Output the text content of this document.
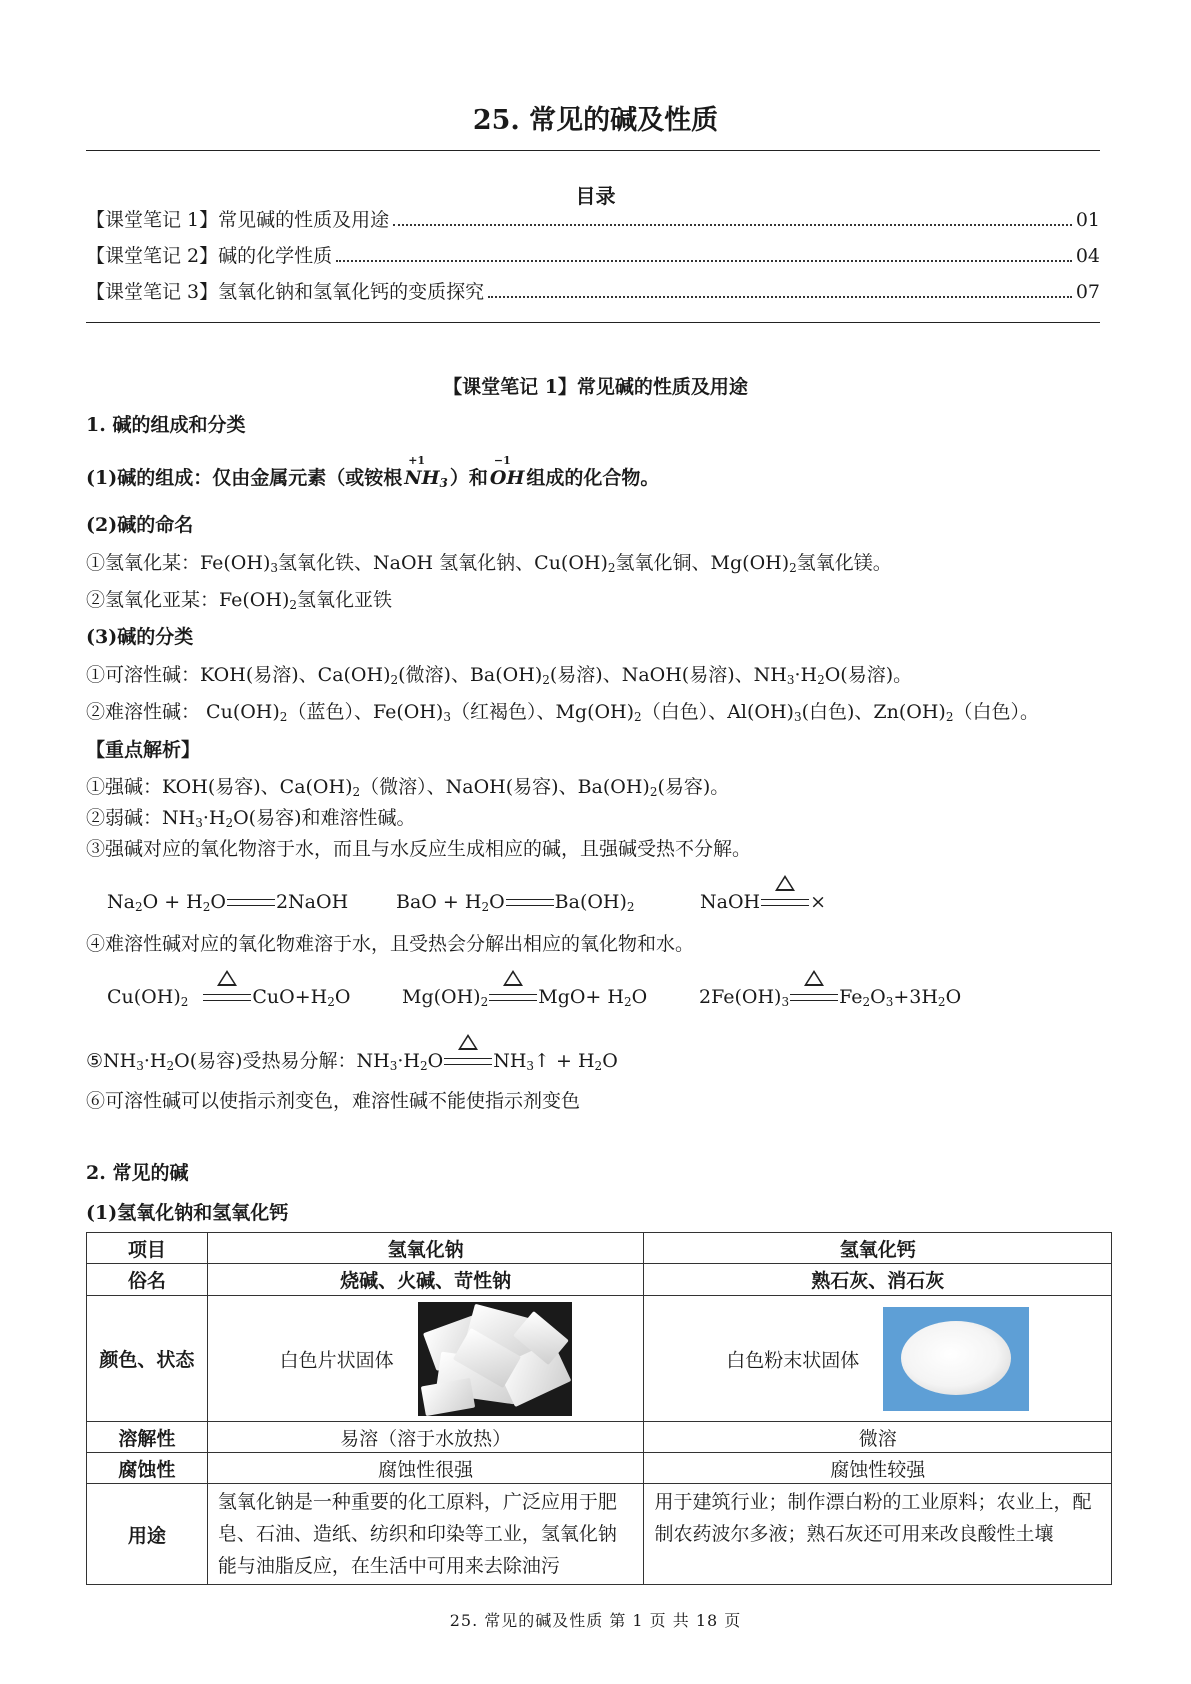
25. 常见的碱及性质
目录
【课堂笔记 1】常见碱的性质及用途	01
【课堂笔记 2】碱的化学性质	04
【课堂笔记 3】氢氧化钠和氢氧化钙的变质探究	07
【课堂笔记 1】常见碱的性质及用途
1. 碱的组成和分类
(1)碱的组成：仅由金属元素（或铵根
+1
$NH_3$ ）和
−1
OH 组成的化合物。
(2)碱的命名
①氢氧化某：$Fe(OH)_3$氢氧化铁、NaOH 氢氧化钠、$Cu(OH)_2$氢氧化铜、$Mg(OH)_2$氢氧化镁。
②氢氧化亚某：$Fe(OH)_2$氢氧化亚铁
(3)碱的分类
①可溶性碱：KOH(易溶)、$Ca(OH)_2$(微溶)、$Ba(OH)_2$(易溶)、NaOH(易溶)、$NH_3\cdot H_2O$(易溶)。
②难溶性碱： $Cu(OH)_2$（蓝色）、$Fe(OH)_3$（红褐色）、$Mg(OH)_2$（白色）、$Al(OH)_3$(白色)、$Zn(OH)_2$（白色）。
【重点解析】
①强碱：KOH(易容)、$Ca(OH)_2$（微溶）、NaOH(易容)、$Ba(OH)_2$(易容)。
②弱碱：$NH_3\cdot H_2O$(易容)和难溶性碱。
③强碱对应的氧化物溶于水，而且与水反应生成相应的碱，且强碱受热不分解。
$Na_2O + H_2O$	2NaOH	BaO + $H_2O$	$Ba(OH)_2$	NaOH	×
④难溶性碱对应的氧化物难溶于水，且受热会分解出相应的氧化物和水。
$Cu(OH)_2$	$CuO+H_2O$	$Mg(OH)_2$	$MgO+ H_2O$	$2Fe(OH)_3$	$Fe_2O_3+3H_2O$
$⑤NH_3\cdot H_2O$(易容)受热易分解：$NH_3\cdot H_2O$	$NH_3↑ + H_2O$
⑥可溶性碱可以使指示剂变色，难溶性碱不能使指示剂变色
2. 常见的碱
(1)氢氧化钠和氢氧化钙
项目	氢氧化钠	氢氧化钙
俗名	烧碱、火碱、苛性钠	熟石灰、消石灰
颜色、状态	白色片状固体	白色粉末状固体

溶解性	易溶（溶于水放热）	微溶
腐蚀性	腐蚀性很强	腐蚀性较强
用途	氢氧化钠是一种重要的化工原料，广泛应用于肥皂、石油、造纸、纺织和印染等工业，氢氧化钠能与油脂反应，在生活中可用来去除油污	用于建筑行业；制作漂白粉的工业原料；农业上，配制农药波尔多液；熟石灰还可用来改良酸性土壤
25. 常见的碱及性质 第 1 页 共 18 页
